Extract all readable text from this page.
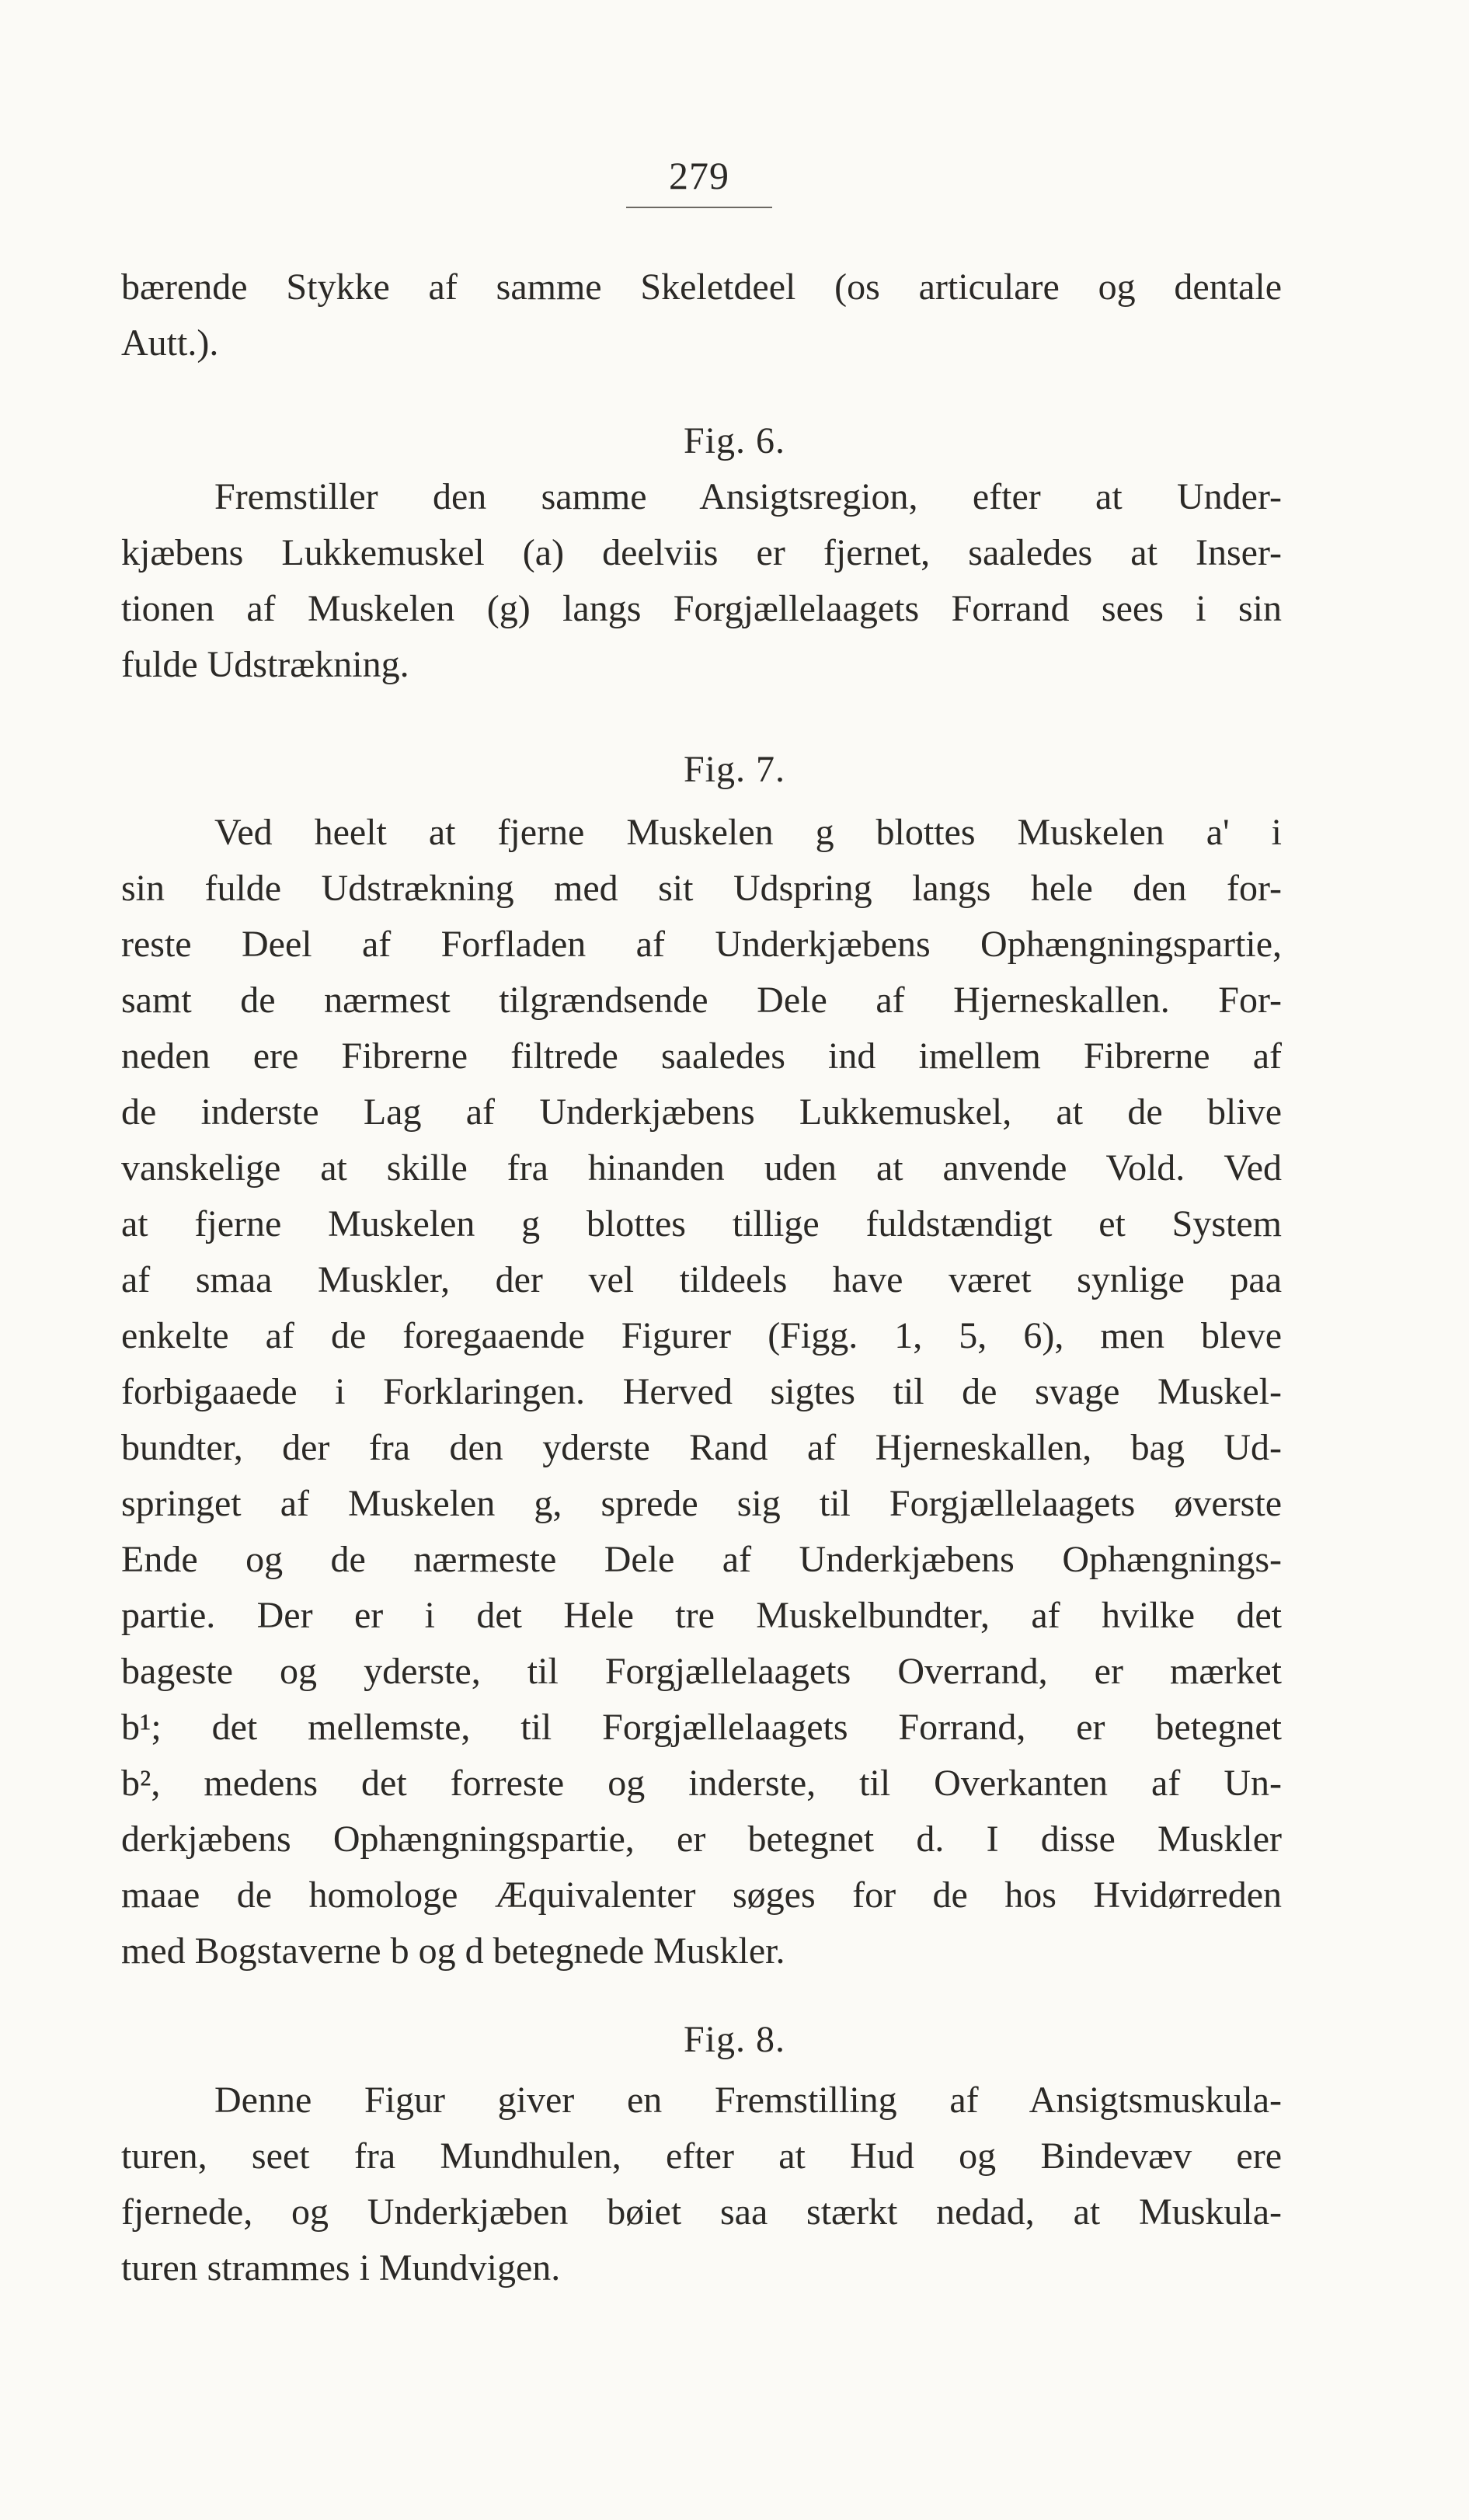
279
bærende Stykke af samme Skeletdeel (os articulare og dentale
Autt.).
Fig. 6.
Fremstiller den samme Ansigtsregion, efter at Under-
kjæbens Lukkemuskel (a) deelviis er fjernet, saaledes at Inser-
tionen af Muskelen (g) langs Forgjællelaagets Forrand sees i sin
fulde Udstrækning.
Fig. 7.
Ved heelt at fjerne Muskelen g blottes Muskelen a' i
sin fulde Udstrækning med sit Udspring langs hele den for-
reste Deel af Forfladen af Underkjæbens Ophængningspartie,
samt de nærmest tilgrændsende Dele af Hjerneskallen. For-
neden ere Fibrerne filtrede saaledes ind imellem Fibrerne af
de inderste Lag af Underkjæbens Lukkemuskel, at de blive
vanskelige at skille fra hinanden uden at anvende Vold. Ved
at fjerne Muskelen g blottes tillige fuldstændigt et System
af smaa Muskler, der vel tildeels have været synlige paa
enkelte af de foregaaende Figurer (Figg. 1, 5, 6), men bleve
forbigaaede i Forklaringen. Herved sigtes til de svage Muskel-
bundter, der fra den yderste Rand af Hjerneskallen, bag Ud-
springet af Muskelen g, sprede sig til Forgjællelaagets øverste
Ende og de nærmeste Dele af Underkjæbens Ophængnings-
partie. Der er i det Hele tre Muskelbundter, af hvilke det
bageste og yderste, til Forgjællelaagets Overrand, er mærket
b¹; det mellemste, til Forgjællelaagets Forrand, er betegnet
b², medens det forreste og inderste, til Overkanten af Un-
derkjæbens Ophængningspartie, er betegnet d. I disse Muskler
maae de homologe Æquivalenter søges for de hos Hvidørreden
med Bogstaverne b og d betegnede Muskler.
Fig. 8.
Denne Figur giver en Fremstilling af Ansigtsmuskula-
turen, seet fra Mundhulen, efter at Hud og Bindevæv ere
fjernede, og Underkjæben bøiet saa stærkt nedad, at Muskula-
turen strammes i Mundvigen.
